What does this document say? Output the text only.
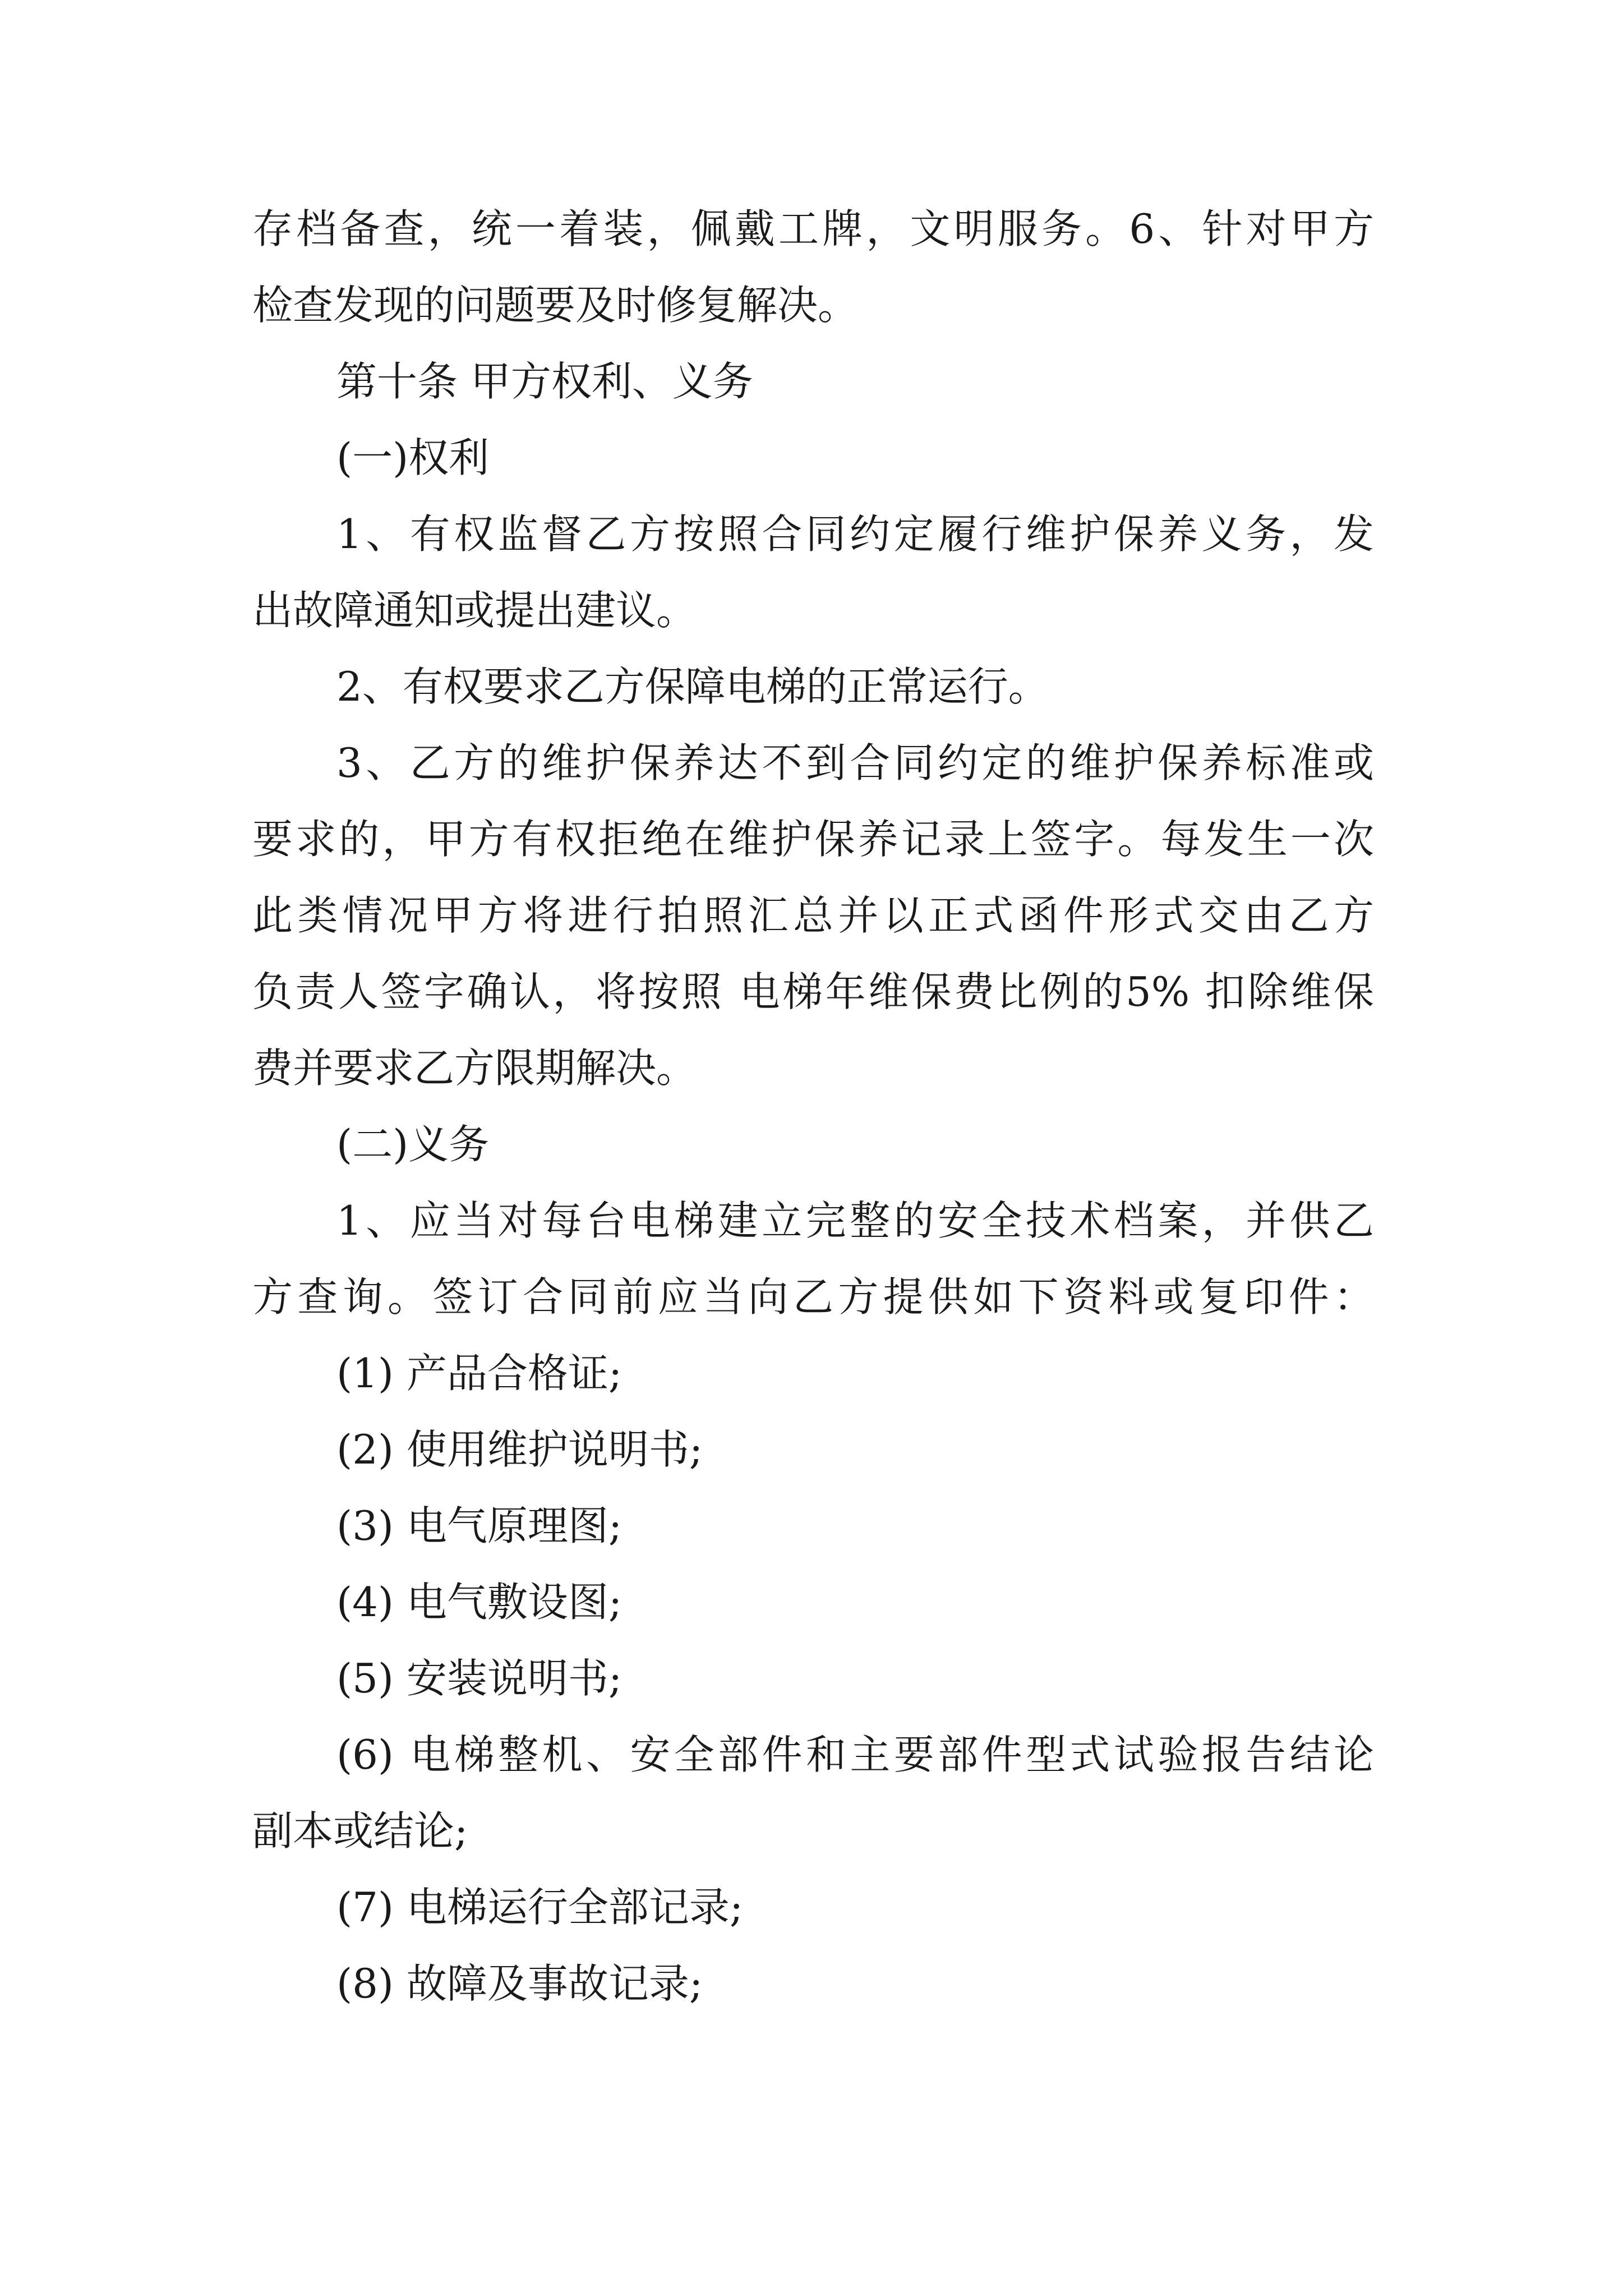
存档备查，统一着装，佩戴工牌，文明服务。6、针对甲方
检查发现的问题要及时修复解决。
第十条 甲方权利、义务
(一)权利
1、有权监督乙方按照合同约定履行维护保养义务，发
出故障通知或提出建议。
2、有权要求乙方保障电梯的正常运行。
3、乙方的维护保养达不到合同约定的维护保养标准或
要求的，甲方有权拒绝在维护保养记录上签字。每发生一次
此类情况甲方将进行拍照汇总并以正式函件形式交由乙方
负责人签字确认，将按照 电梯年维保费比例的5% 扣除维保
费并要求乙方限期解决。
(二)义务
1、应当对每台电梯建立完整的安全技术档案，并供乙
方查询。签订合同前应当向乙方提供如下资料或复印件：
(1) 产品合格证;
(2) 使用维护说明书;
(3) 电气原理图;
(4) 电气敷设图;
(5) 安装说明书;
(6) 电梯整机、安全部件和主要部件型式试验报告结论
副本或结论;
(7) 电梯运行全部记录;
(8) 故障及事故记录;
